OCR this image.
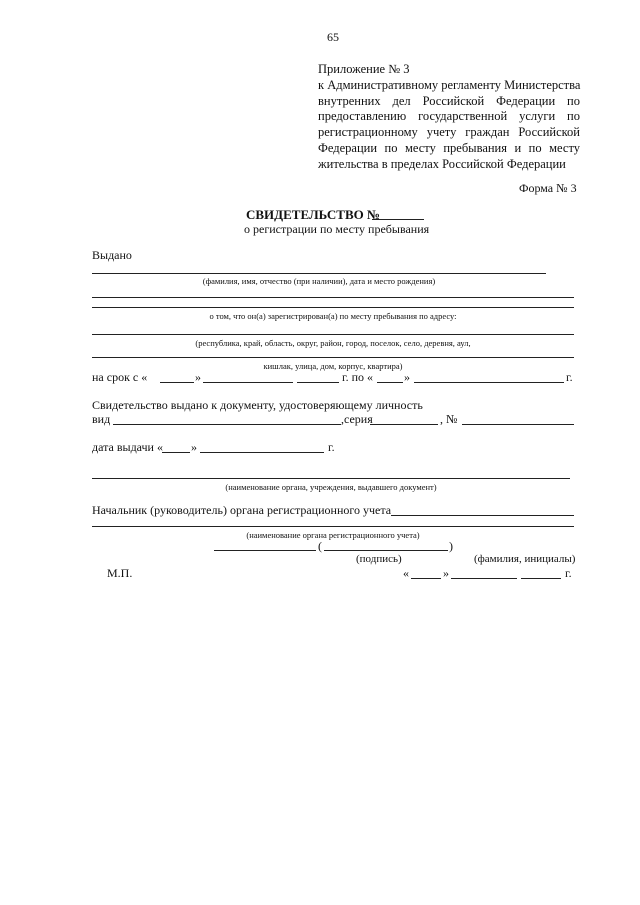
65
Приложение № 3
к Административному регламенту Министерства
внутренних дел Российской Федерации по
предоставлению государственной услуги по
регистрационному учету граждан Российской
Федерации по месту пребывания и по месту
жительства в пределах Российской Федерации
Форма № 3
СВИДЕТЕЛЬСТВО №
о регистрации по месту пребывания
Выдано
(фамилия, имя, отчество (при наличии), дата и место рождения)
о том, что он(а) зарегистрирован(а) по месту пребывания по адресу:
(республика, край, область, округ, район, город, поселок, село, деревня, аул,
кишлак, улица, дом, корпус, квартира)
на срок с «	»	г. по «	»	г.
Свидетельство выдано к документу, удостоверяющему личность
вид	,серия	, №
дата выдачи « »	г.
(наименование органа, учреждения, выдавшего документ)
Начальник (руководитель) органа регистрационного учета
(наименование органа регистрационного учета)
(	)
(подпись)	(фамилия, инициалы)
М.П.	«	»	г.
